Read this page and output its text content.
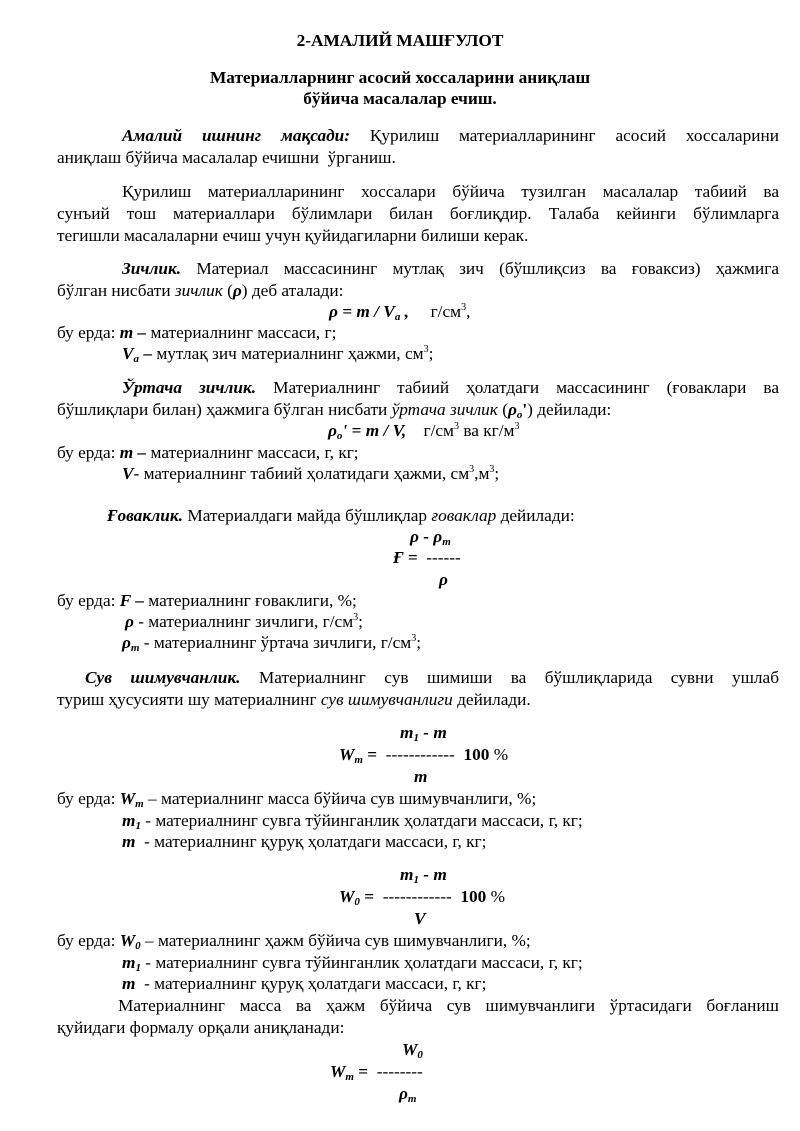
2-АМАЛИЙ МАШҒУЛОТ
Материалларнинг асосий хоссаларини аниқлаш
бўйича масалалар ечиш.
Амалий ишнинг мақсади: Қурилиш материалларининг асосий хоссаларини
аниқлаш бўйича масалалар ечишни  ўрганиш.
Қурилиш материалларининг хоссалари бўйича тузилган масалалар табиий ва
сунъий тош материаллари бўлимлари билан боғлиқдир. Талаба кейинги бўлимларга
тегишли масалаларни ечиш учун қуйидагиларни билиши керак.
Зичлик. Материал массасининг мутлақ зич (бўшлиқсиз ва ғоваксиз) ҳажмига
бўлган нисбати зичлик (ρ) деб аталади:
$\rho = m / V_a$ , $г/см^3$,
бу ерда: m – материалнинг массаси, г;
$V_a$ – мутлақ зич материалнинг ҳажми, $см^3$;
Ўртача зичлик. Материалнинг табиий ҳолатдаги массасининг (ғоваклари ва
бўшлиқлари билан) ҳажмига бўлган нисбати ўртача зичлик $(\rho_o')$ дейилади:
$\rho_o' = m / V$, $г/см^3$ ва $кг/м^3$
бу ерда: m – материалнинг массаси, г, кг;
V- материалнинг табиий ҳолатидаги ҳажми, $см^3,м^3$;
Ғоваклик. Материалдаги майда бўшлиқлар ғоваклар дейилади:
ρ - $\rho_m$
Ғ = ------
ρ
бу ерда: F – материалнинг ғоваклиги, %;
ρ - материалнинг зичлиги, $г/см^3$;
$\rho_m$ - материалнинг ўртача зичлиги, $г/см^3$;
Сув шимувчанлик. Материалнинг сув шимиши ва бўшлиқларида сувни ушлаб
туриш ҳусусияти шу материалнинг сув шимувчанлиги дейилади.
$m_1$ - m
$W_m$ = ------------ 100 %
m
бу ерда: $W_m$ – материалнинг масса бўйича сув шимувчанлиги, %;
$m_1$ - материалнинг сувга тўйинганлик ҳолатдаги массаси, г, кг;
m  - материалнинг қуруқ ҳолатдаги массаси, г, кг;
$m_1$ - m
$W_0$ = ------------ 100 %
V
бу ерда: $W_0$ – материалнинг ҳажм бўйича сув шимувчанлиги, %;
$m_1$ - материалнинг сувга тўйинганлик ҳолатдаги массаси, г, кг;
m  - материалнинг қуруқ ҳолатдаги массаси, г, кг;
Материалнинг масса ва ҳажм бўйича сув шимувчанлиги ўртасидаги боғланиш
қуйидаги формалу орқали аниқланади:
$W_0$
$W_m$ = --------
$\rho_m$
